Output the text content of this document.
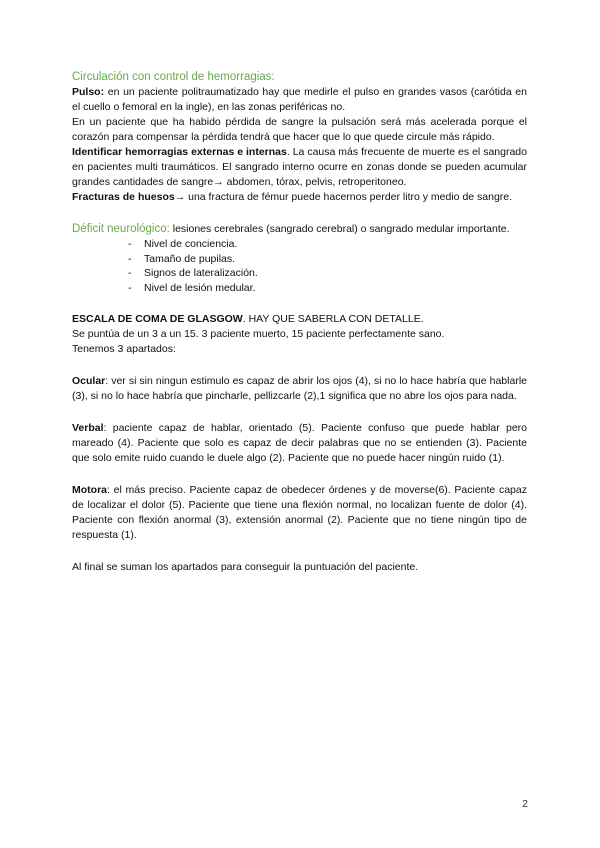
Circulación con control de hemorragias:

Pulso: en un paciente politraumatizado hay que medirle el pulso en grandes vasos (carótida en el cuello o femoral en la ingle), en las zonas periféricas no.

En un paciente que ha habido pérdida de sangre la pulsación será más acelerada porque el corazón para compensar la pérdida tendrá que hacer que lo que quede circule más rápido.

Identificar hemorragias externas e internas. La causa más frecuente de muerte es el sangrado en pacientes multi traumáticos. El sangrado interno ocurre en zonas donde se pueden acumular grandes cantidades de sangre→ abdomen, tórax, pelvis, retroperitoneo.

Fracturas de huesos→ una fractura de fémur puede hacernos perder litro y medio de sangre.

Déficit neurológico: lesiones cerebrales (sangrado cerebral) o sangrado medular importante.

- Nivel de conciencia.
- Tamaño de pupilas.
- Signos de lateralización.
- Nivel de lesión medular.

ESCALA DE COMA DE GLASGOW. HAY QUE SABERLA CON DETALLE.

Se puntúa de un 3 a un 15. 3 paciente muerto, 15 paciente perfectamente sano.

Tenemos 3 apartados:

Ocular: ver si sin ningun estimulo es capaz de abrir los ojos (4), si no lo hace habría que hablarle (3), si no lo hace habría que pincharle, pellizcarle (2),1 significa que no abre los ojos para nada.

Verbal: paciente capaz de hablar, orientado (5). Paciente confuso que puede hablar pero mareado (4). Paciente que solo es capaz de decir palabras que no se entienden (3). Paciente que solo emite ruido cuando le duele algo (2). Paciente que no puede hacer ningún ruido (1).

Motora: el más preciso. Paciente capaz de obedecer órdenes y de moverse(6). Paciente capaz de localizar el dolor (5). Paciente que tiene una flexión normal, no localizan fuente de dolor (4). Paciente con flexión anormal (3), extensión anormal (2). Paciente que no tiene ningún tipo de respuesta (1).

Al final se suman los apartados para conseguir la puntuación del paciente.

2
